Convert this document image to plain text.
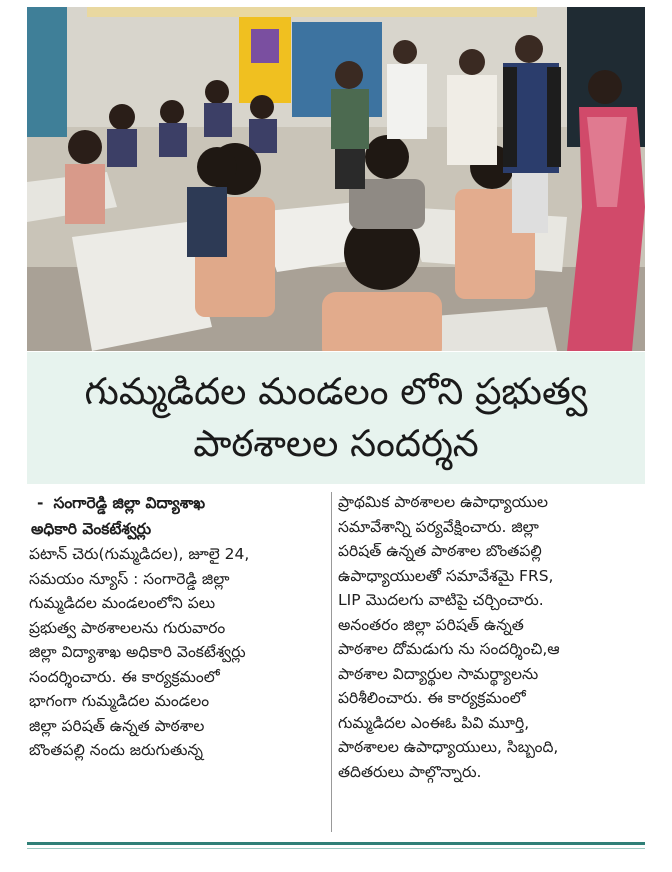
గుమ్మడిదల మండలం లోని ప్రభుత్వ
పాఠశాలల సందర్శన
- సంగారెడ్డి జిల్లా విద్యాశాఖ
అధికారి వెంకటేశ్వర్లు
పటాన్ చెరు(గుమ్మడిదల), జూలై 24,
సమయం న్యూస్ : సంగారెడ్డి జిల్లా
గుమ్మడిదల మండలంలోని పలు
ప్రభుత్వ పాఠశాలలను గురువారం
జిల్లా విద్యాశాఖ అధికారి వెంకటేశ్వర్లు
సందర్శించారు. ఈ కార్యక్రమంలో
భాగంగా గుమ్మడిదల మండలం
జిల్లా పరిషత్ ఉన్నత పాఠశాల
బొంతపల్లి నందు జరుగుతున్న
ప్రాథమిక పాఠశాలల ఉపాధ్యాయుల
సమావేశాన్ని పర్యవేక్షించారు. జిల్లా
పరిషత్ ఉన్నత పాఠశాల బొంతపల్లి
ఉపాధ్యాయులతో సమావేశమై FRS,
LIP మొదలగు వాటిపై చర్చించారు.
అనంతరం జిల్లా పరిషత్ ఉన్నత
పాఠశాల దోమడుగు ను సందర్శించి,ఆ
పాఠశాల విద్యార్థుల సామర్థ్యాలను
పరిశీలించారు. ఈ కార్యక్రమంలో
గుమ్మడిదల ఎంఈఓ పివి మూర్తి,
పాఠశాలల ఉపాధ్యాయులు, సిబ్బంది,
తదితరులు పాల్గొన్నారు.
